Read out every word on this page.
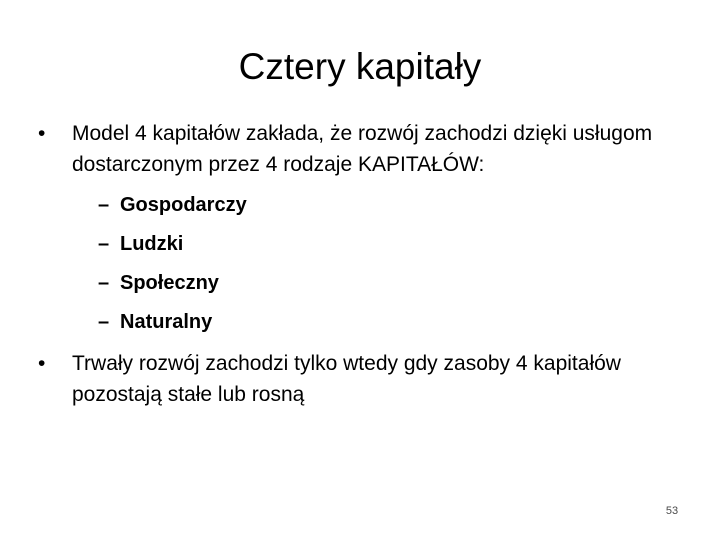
Cztery kapitały
• Model 4 kapitałów zakłada, że rozwój zachodzi dzięki usługom dostarczonym przez 4 rodzaje KAPITAŁÓW:
– Gospodarczy
– Ludzki
– Społeczny
– Naturalny
• Trwały rozwój zachodzi tylko wtedy gdy zasoby 4 kapitałów pozostają stałe lub rosną
53
